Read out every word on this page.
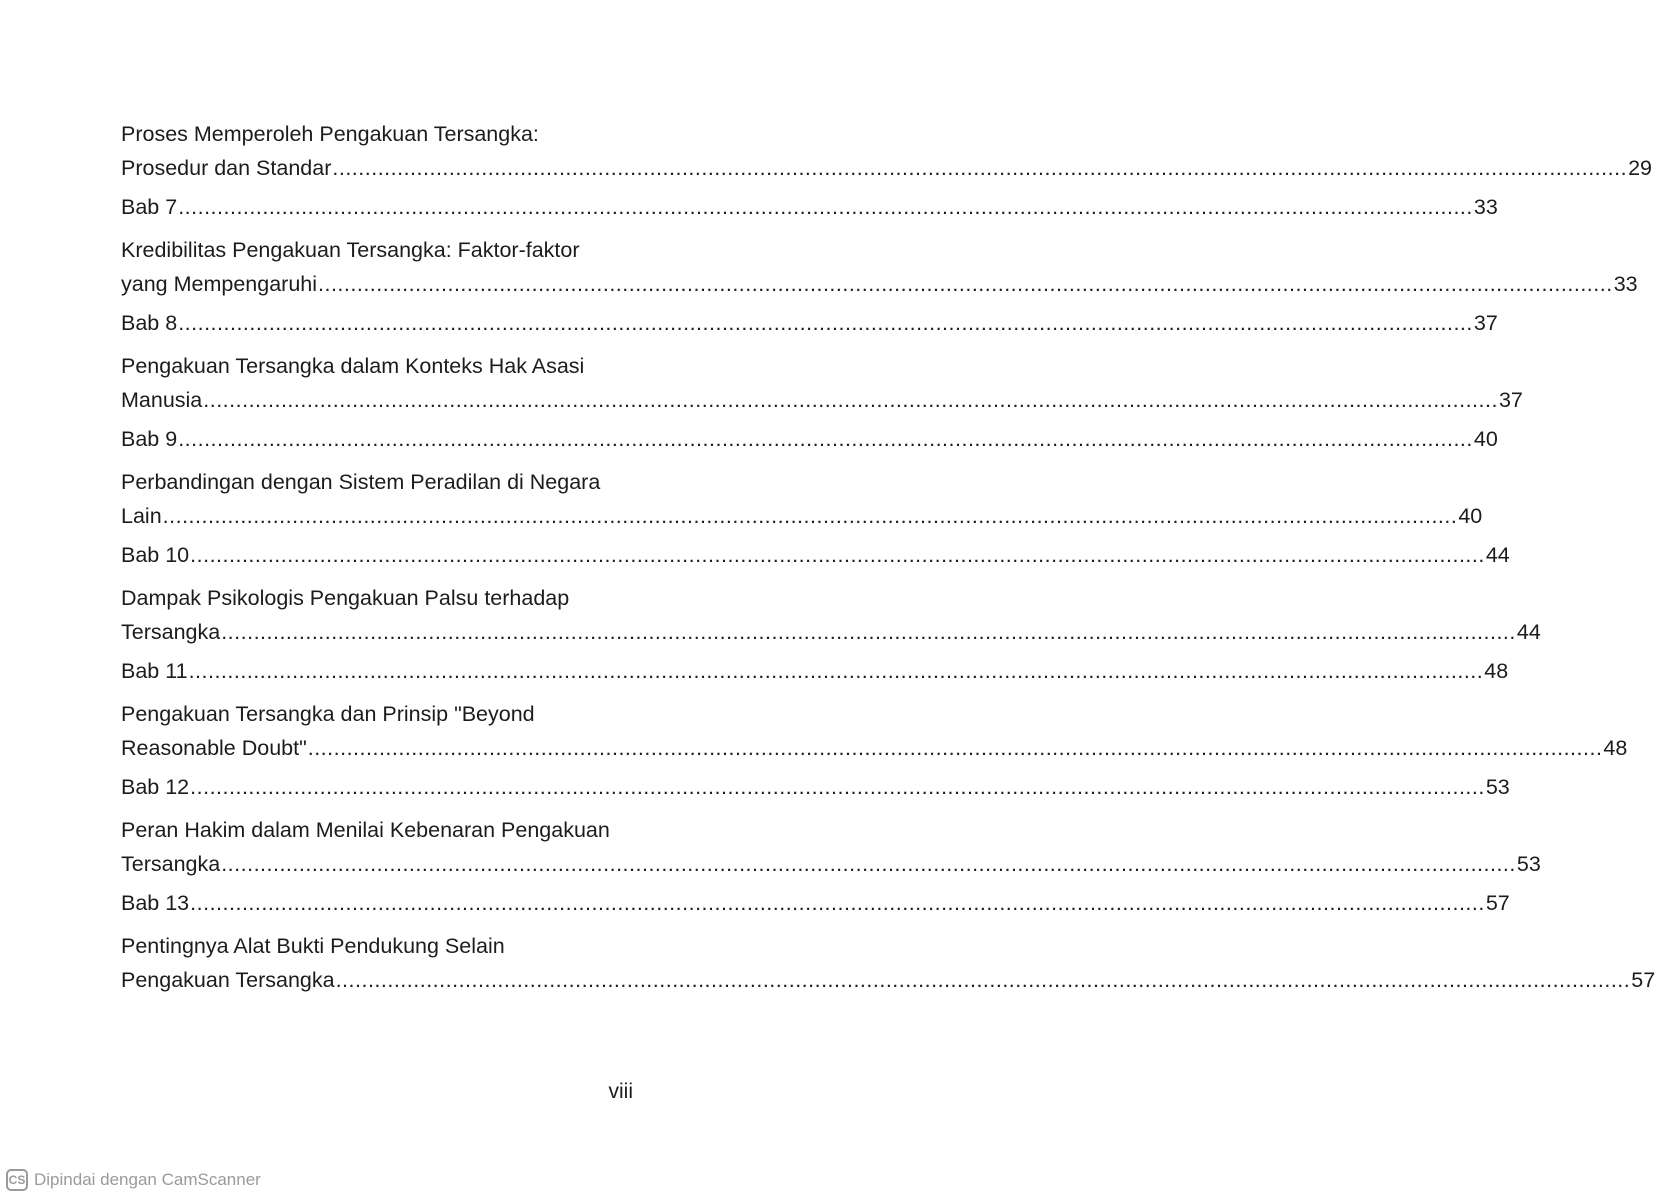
Proses Memperoleh Pengakuan Tersangka:
Prosedur dan Standar ........................................................................................................................................................................................................ 29
Bab 7 ........................................................................................................................................................................................................ 33
Kredibilitas Pengakuan Tersangka: Faktor-faktor
yang Mempengaruhi ........................................................................................................................................................................................................ 33
Bab 8 ........................................................................................................................................................................................................ 37
Pengakuan Tersangka dalam Konteks Hak Asasi
Manusia ........................................................................................................................................................................................................ 37
Bab 9 ........................................................................................................................................................................................................ 40
Perbandingan dengan Sistem Peradilan di Negara
Lain ........................................................................................................................................................................................................ 40
Bab 10 ........................................................................................................................................................................................................ 44
Dampak Psikologis Pengakuan Palsu terhadap
Tersangka ........................................................................................................................................................................................................ 44
Bab 11 ........................................................................................................................................................................................................ 48
Pengakuan Tersangka dan Prinsip "Beyond
Reasonable Doubt" ........................................................................................................................................................................................................ 48
Bab 12 ........................................................................................................................................................................................................ 53
Peran Hakim dalam Menilai Kebenaran Pengakuan
Tersangka ........................................................................................................................................................................................................ 53
Bab 13 ........................................................................................................................................................................................................ 57
Pentingnya Alat Bukti Pendukung Selain
Pengakuan Tersangka ........................................................................................................................................................................................................ 57
viii
CS Dipindai dengan CamScanner
